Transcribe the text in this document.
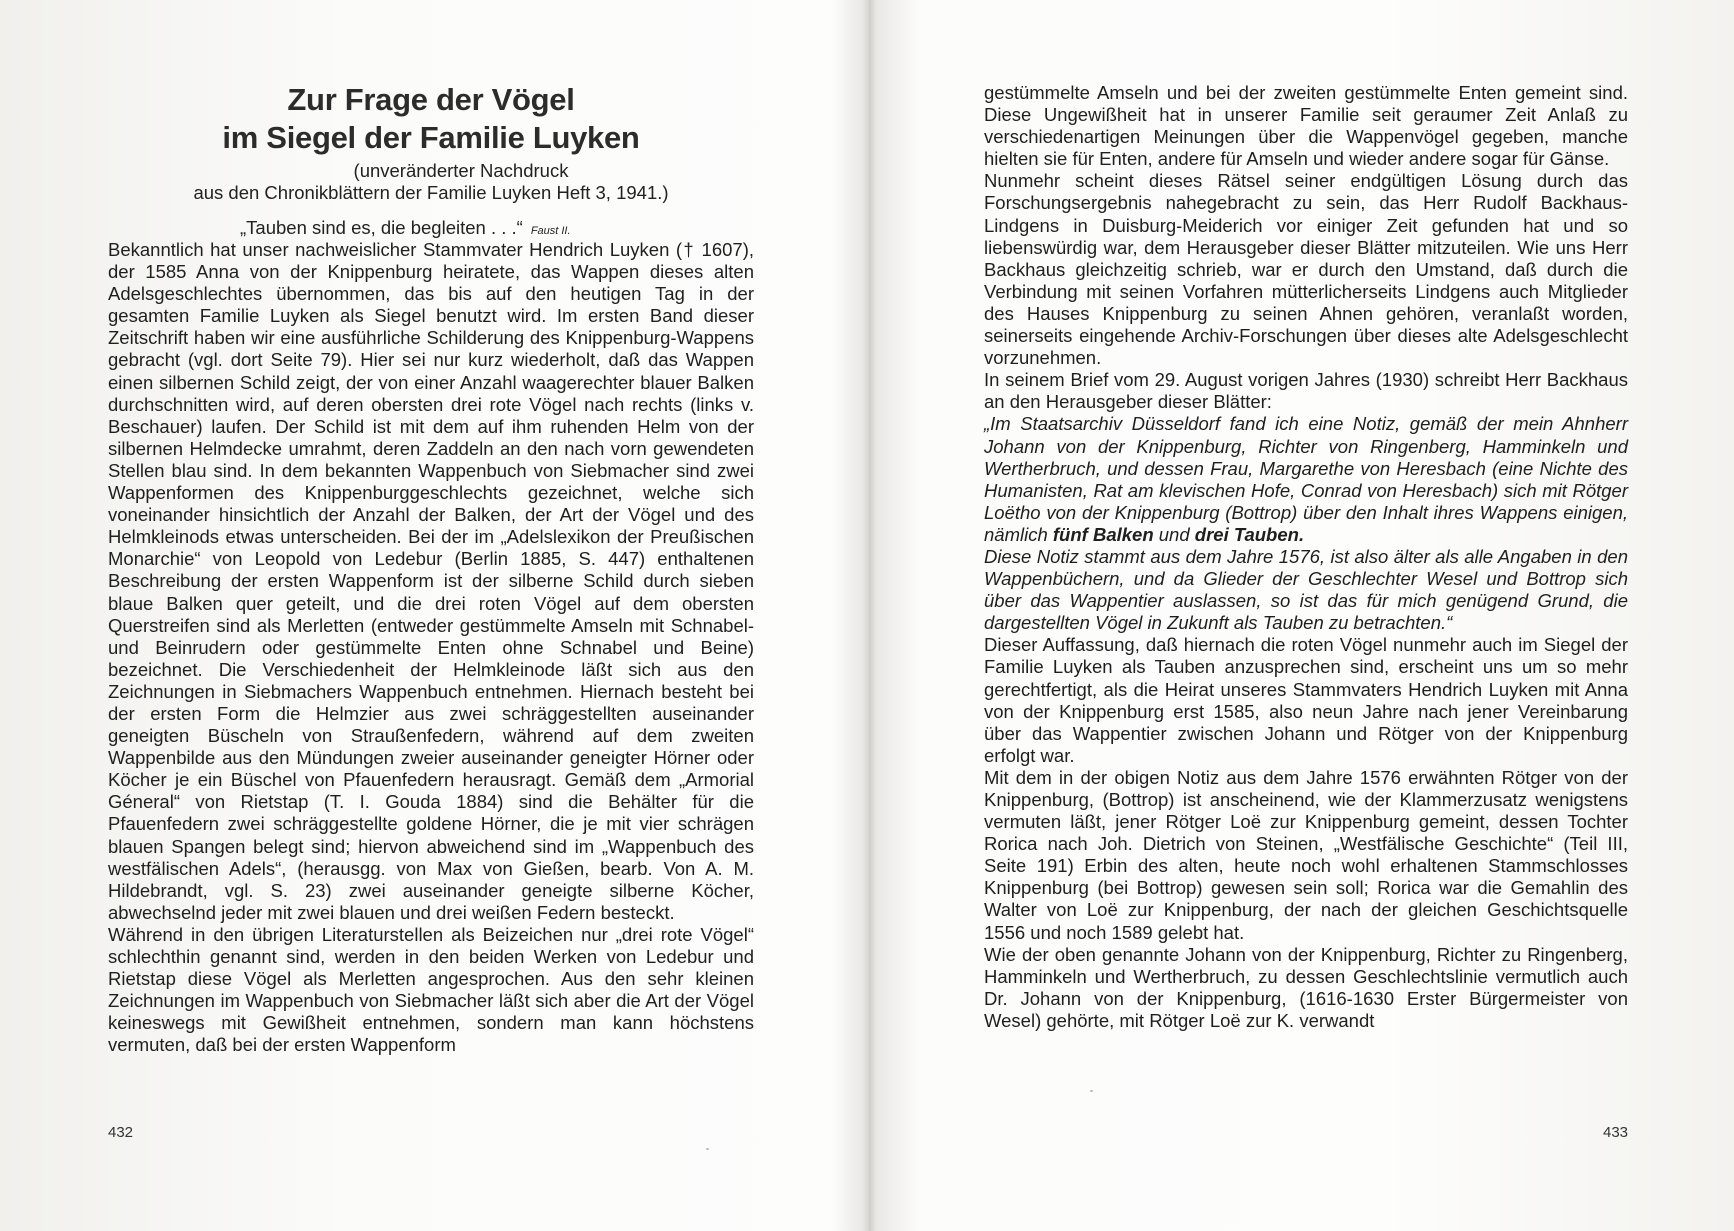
Zur Frage der Vögel
im Siegel der Familie Luyken
(unveränderter Nachdruck
aus den Chronikblättern der Familie Luyken Heft 3, 1941.)
„Tauben sind es, die begleiten . . .“ Faust II.

Bekanntlich hat unser nachweislicher Stammvater Hendrich Luyken († 1607), der 1585 Anna von der Knippenburg heiratete, das Wappen dieses alten Adelsgeschlechtes übernommen, das bis auf den heutigen Tag in der gesamten Familie Luyken als Siegel benutzt wird. Im ersten Band dieser Zeitschrift haben wir eine ausführliche Schilderung des Knippenburg-Wappens gebracht (vgl. dort Seite 79). Hier sei nur kurz wiederholt, daß das Wappen einen silbernen Schild zeigt, der von einer Anzahl waagerechter blauer Balken durchschnitten wird, auf deren obersten drei rote Vögel nach rechts (links v. Beschauer) laufen. Der Schild ist mit dem auf ihm ruhenden Helm von der silbernen Helmdecke umrahmt, deren Zaddeln an den nach vorn gewendeten Stellen blau sind. In dem bekannten Wappenbuch von Siebmacher sind zwei Wappenformen des Knippenburggeschlechts gezeichnet, welche sich voneinander hinsichtlich der Anzahl der Balken, der Art der Vögel und des Helmkleinods etwas unterscheiden. Bei der im „Adelslexikon der Preußischen Monarchie“ von Leopold von Ledebur (Berlin 1885, S. 447) enthaltenen Beschreibung der ersten Wappenform ist der silberne Schild durch sieben blaue Balken quer geteilt, und die drei roten Vögel auf dem obersten Querstreifen sind als Merletten (entweder gestümmelte Amseln mit Schnabel- und Beinrudern oder gestümmelte Enten ohne Schnabel und Beine) bezeichnet. Die Verschiedenheit der Helmkleinode läßt sich aus den Zeichnungen in Siebmachers Wappenbuch entnehmen. Hiernach besteht bei der ersten Form die Helmzier aus zwei schräggestellten auseinander geneigten Büscheln von Straußenfedern, während auf dem zweiten Wappenbilde aus den Mündungen zweier auseinander geneigter Hörner oder Köcher je ein Büschel von Pfauenfedern herausragt. Gemäß dem „Armorial Géneral“ von Rietstap (T. I. Gouda 1884) sind die Behälter für die Pfauenfedern zwei schräggestellte goldene Hörner, die je mit vier schrägen blauen Spangen belegt sind; hiervon abweichend sind im „Wappenbuch des westfälischen Adels“, (herausgg. von Max von Gießen, bearb. Von A. M. Hildebrandt, vgl. S. 23) zwei auseinander geneigte silberne Köcher, abwechselnd jeder mit zwei blauen und drei weißen Federn besteckt.

Während in den übrigen Literaturstellen als Beizeichen nur „drei rote Vögel“ schlechthin genannt sind, werden in den beiden Werken von Ledebur und Rietstap diese Vögel als Merletten angesprochen. Aus den sehr kleinen Zeichnungen im Wappenbuch von Siebmacher läßt sich aber die Art der Vögel keineswegs mit Gewißheit entnehmen, sondern man kann höchstens vermuten, daß bei der ersten Wappenform

432

gestümmelte Amseln und bei der zweiten gestümmelte Enten gemeint sind. Diese Ungewißheit hat in unserer Familie seit geraumer Zeit Anlaß zu verschiedenartigen Meinungen über die Wappenvögel gegeben, manche hielten sie für Enten, andere für Amseln und wieder andere sogar für Gänse.

Nunmehr scheint dieses Rätsel seiner endgültigen Lösung durch das Forschungsergebnis nahegebracht zu sein, das Herr Rudolf Backhaus-Lindgens in Duisburg-Meiderich vor einiger Zeit gefunden hat und so liebenswürdig war, dem Herausgeber dieser Blätter mitzuteilen. Wie uns Herr Backhaus gleichzeitig schrieb, war er durch den Umstand, daß durch die Verbindung mit seinen Vorfahren mütterlicherseits Lindgens auch Mitglieder des Hauses Knippenburg zu seinen Ahnen gehören, veranlaßt worden, seinerseits eingehende Archiv-Forschungen über dieses alte Adelsgeschlecht vorzunehmen.

In seinem Brief vom 29. August vorigen Jahres (1930) schreibt Herr Backhaus an den Herausgeber dieser Blätter:

„Im Staatsarchiv Düsseldorf fand ich eine Notiz, gemäß der mein Ahnherr Johann von der Knippenburg, Richter von Ringenberg, Hamminkeln und Wertherbruch, und dessen Frau, Margarethe von Heresbach (eine Nichte des Humanisten, Rat am klevischen Hofe, Conrad von Heresbach) sich mit Rötger Loëtho von der Knippenburg (Bottrop) über den Inhalt ihres Wappens einigen, nämlich fünf Balken und drei Tauben.

Diese Notiz stammt aus dem Jahre 1576, ist also älter als alle Angaben in den Wappenbüchern, und da Glieder der Geschlechter Wesel und Bottrop sich über das Wappentier auslassen, so ist das für mich genügend Grund, die dargestellten Vögel in Zukunft als Tauben zu betrachten.“

Dieser Auffassung, daß hiernach die roten Vögel nunmehr auch im Siegel der Familie Luyken als Tauben anzusprechen sind, erscheint uns um so mehr gerechtfertigt, als die Heirat unseres Stammvaters Hendrich Luyken mit Anna von der Knippenburg erst 1585, also neun Jahre nach jener Vereinbarung über das Wappentier zwischen Johann und Rötger von der Knippenburg erfolgt war.

Mit dem in der obigen Notiz aus dem Jahre 1576 erwähnten Rötger von der Knippenburg, (Bottrop) ist anscheinend, wie der Klammerzusatz wenigstens vermuten läßt, jener Rötger Loë zur Knippenburg gemeint, dessen Tochter Rorica nach Joh. Dietrich von Steinen, „Westfälische Geschichte“ (Teil III, Seite 191) Erbin des alten, heute noch wohl erhaltenen Stammschlosses Knippenburg (bei Bottrop) gewesen sein soll; Rorica war die Gemahlin des Walter von Loë zur Knippenburg, der nach der gleichen Geschichtsquelle 1556 und noch 1589 gelebt hat.

Wie der oben genannte Johann von der Knippenburg, Richter zu Ringenberg, Hamminkeln und Wertherbruch, zu dessen Geschlechtslinie vermutlich auch Dr. Johann von der Knippenburg, (1616-1630 Erster Bürgermeister von Wesel) gehörte, mit Rötger Loë zur K. verwandt

433
